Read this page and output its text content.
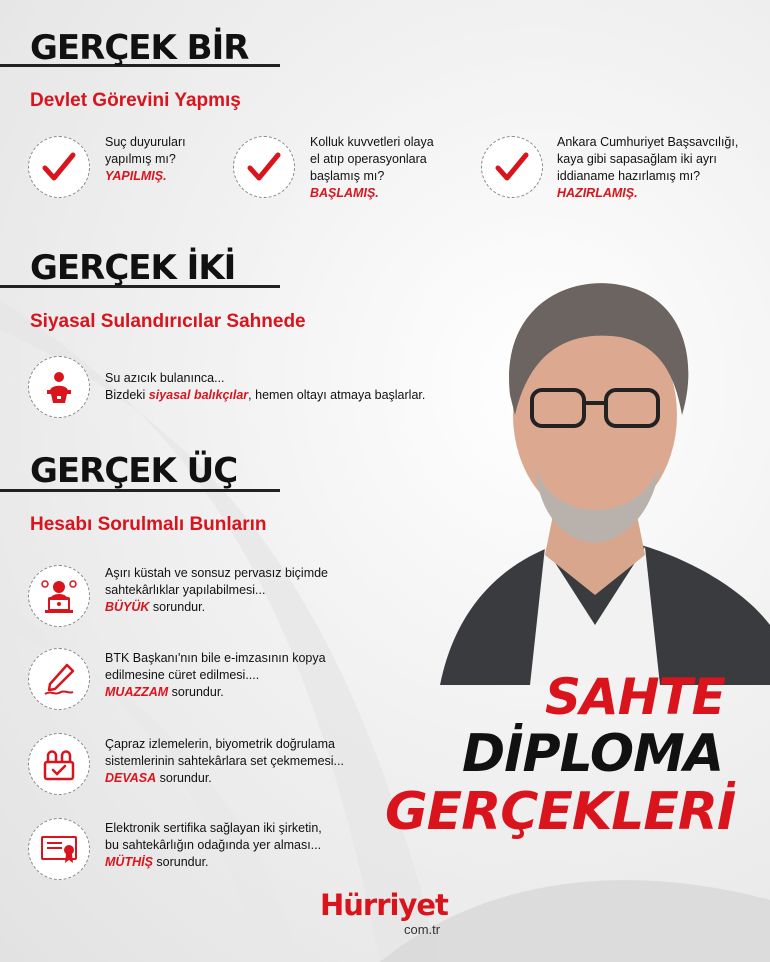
GERÇEK BİR
Devlet Görevini Yapmış
Suç duyuruları
yapılmış mı?
YAPILMIŞ.
Kolluk kuvvetleri olaya
el atıp operasyonlara
başlamış mı?
BAŞLAMIŞ.
Ankara Cumhuriyet Başsavcılığı,
kaya gibi sapasağlam iki ayrı
iddianame hazırlamış mı?
HAZIRLAMIŞ.
GERÇEK İKİ
Siyasal Sulandırıcılar Sahnede
Su azıcık bulanınca...
Bizdeki siyasal balıkçılar, hemen oltayı atmaya başlarlar.
GERÇEK ÜÇ
Hesabı Sorulmalı Bunların
Aşırı küstah ve sonsuz pervasız biçimde
sahtekârlıklar yapılabilmesi...
BÜYÜK sorundur.
BTK Başkanı'nın bile e-imzasının kopya
edilmesine cüret edilmesi....
MUAZZAM sorundur.
Çapraz izlemelerin, biyometrik doğrulama
sistemlerinin sahtekârlara set çekmemesi...
DEVASA sorundur.
Elektronik sertifika sağlayan iki şirketin,
bu sahtekârlığın odağında yer alması...
MÜTHİŞ sorundur.
SAHTE
DİPLOMA
GERÇEKLERİ
Hürriyet
com.tr
